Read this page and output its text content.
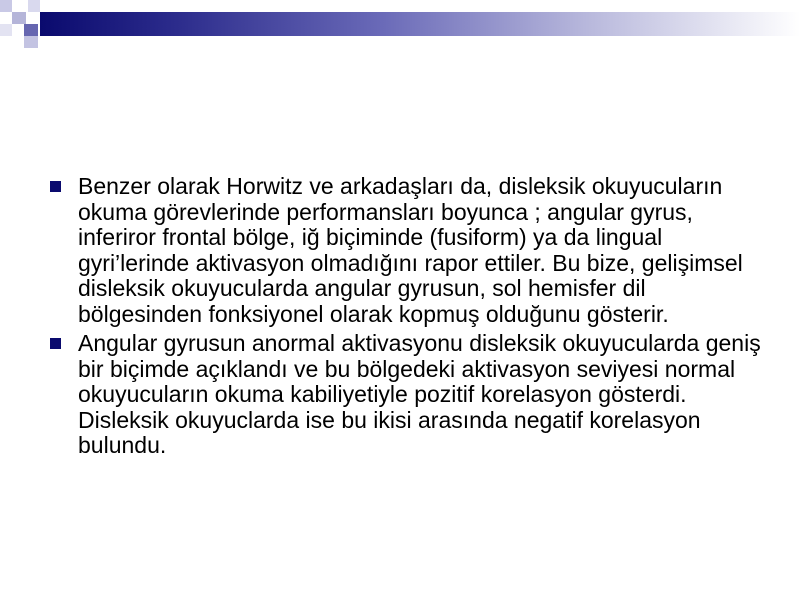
Benzer olarak Horwitz ve arkadaşları da, disleksik okuyucuların okuma görevlerinde performansları boyunca ; angular gyrus, inferiror frontal bölge, iğ biçiminde (fusiform) ya da lingual gyri’lerinde aktivasyon olmadığını rapor ettiler. Bu bize, gelişimsel disleksik okuyucularda angular gyrusun, sol hemisfer dil bölgesinden fonksiyonel olarak kopmuş olduğunu gösterir.
Angular gyrusun anormal aktivasyonu disleksik okuyucularda geniş bir biçimde açıklandı ve bu bölgedeki aktivasyon seviyesi normal okuyucuların okuma kabiliyetiyle pozitif korelasyon gösterdi. Disleksik okuyuclarda ise bu ikisi arasında negatif korelasyon bulundu.
